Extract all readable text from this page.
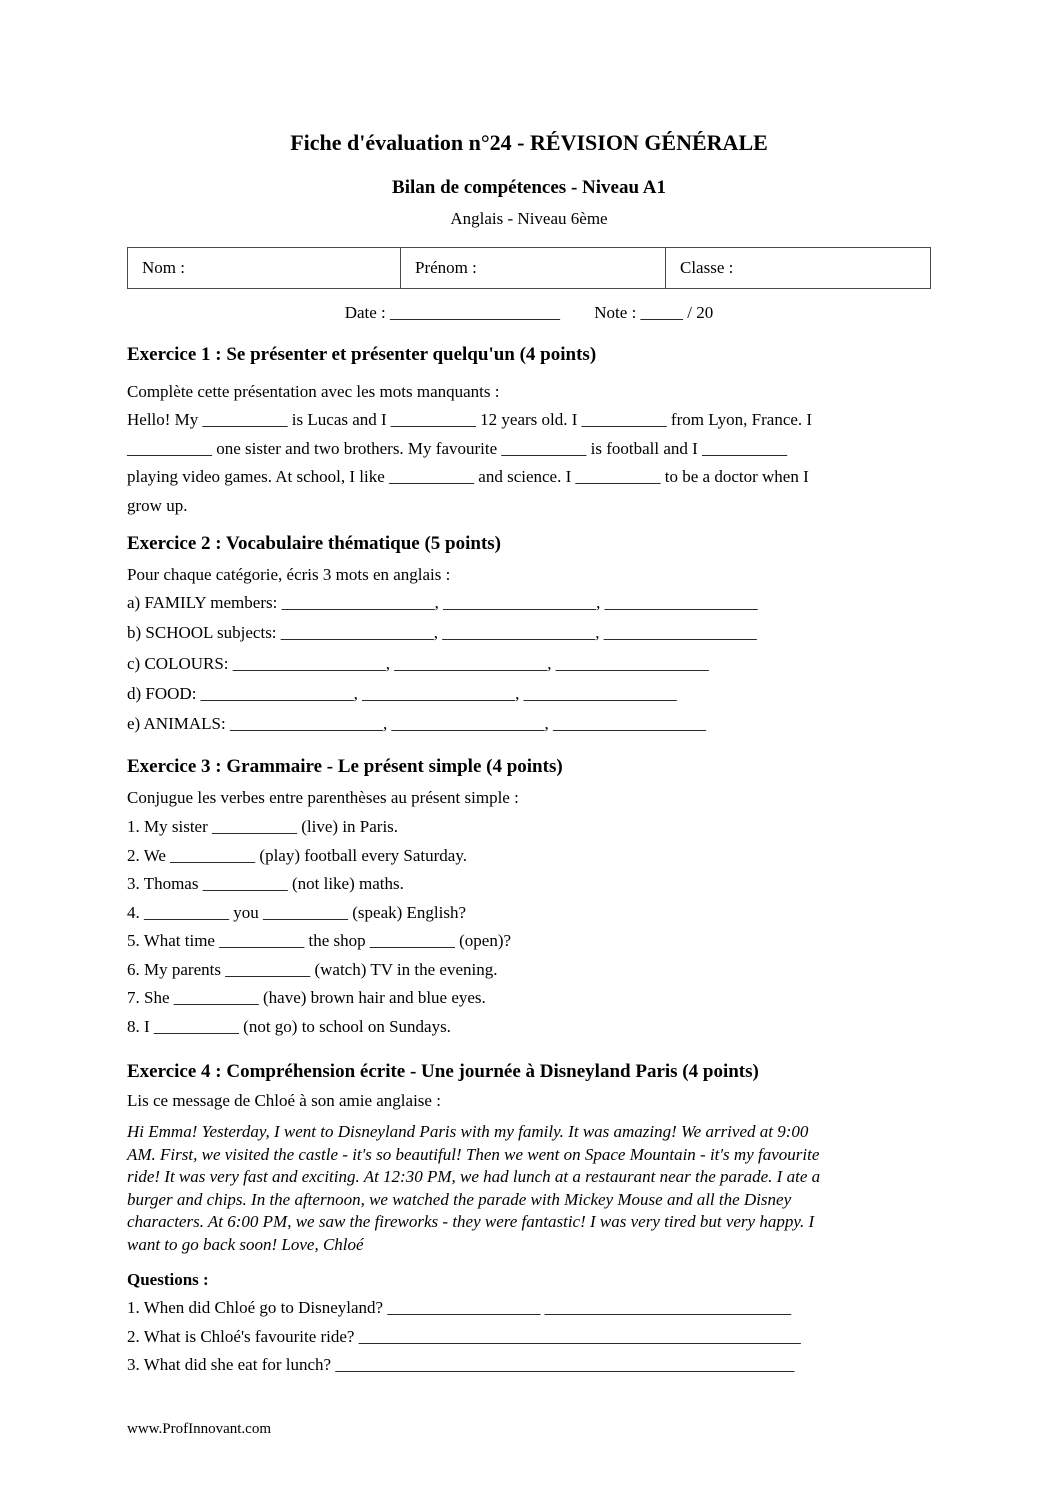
Fiche d'évaluation n°24 - RÉVISION GÉNÉRALE
Bilan de compétences - Niveau A1
Anglais - Niveau 6ème
Nom :	Prénom :	Classe :
Date : ____________________ Note : _____ / 20
Exercice 1 : Se présenter et présenter quelqu'un (4 points)

Complète cette présentation avec les mots manquants :

Hello! My __________ is Lucas and I __________ 12 years old. I __________ from Lyon, France. I
__________ one sister and two brothers. My favourite __________ is football and I __________
playing video games. At school, I like __________ and science. I __________ to be a doctor when I
grow up.
Exercice 2 : Vocabulaire thématique (5 points)

Pour chaque catégorie, écris 3 mots en anglais :

a) FAMILY members: __________________, __________________, __________________
b) SCHOOL subjects: __________________, __________________, __________________
c) COLOURS: __________________, __________________, __________________
d) FOOD: __________________, __________________, __________________
e) ANIMALS: __________________, __________________, __________________
Exercice 3 : Grammaire - Le présent simple (4 points)

Conjugue les verbes entre parenthèses au présent simple :

1. My sister __________ (live) in Paris.
2. We __________ (play) football every Saturday.
3. Thomas __________ (not like) maths.
4. __________ you __________ (speak) English?
5. What time __________ the shop __________ (open)?
6. My parents __________ (watch) TV in the evening.
7. She __________ (have) brown hair and blue eyes.
8. I __________ (not go) to school on Sundays.
Exercice 4 : Compréhension écrite - Une journée à Disneyland Paris (4 points)

Lis ce message de Chloé à son amie anglaise :

Hi Emma! Yesterday, I went to Disneyland Paris with my family. It was amazing! We arrived at 9:00
AM. First, we visited the castle - it's so beautiful! Then we went on Space Mountain - it's my favourite
ride! It was very fast and exciting. At 12:30 PM, we had lunch at a restaurant near the parade. I ate a
burger and chips. In the afternoon, we watched the parade with Mickey Mouse and all the Disney
characters. At 6:00 PM, we saw the fireworks - they were fantastic! I was very tired but very happy. I
want to go back soon! Love, Chloé
Questions :
1. When did Chloé go to Disneyland? __________________ _____________________________
2. What is Chloé's favourite ride? ____________________________________________________
3. What did she eat for lunch? ______________________________________________________
www.ProfInnovant.com
